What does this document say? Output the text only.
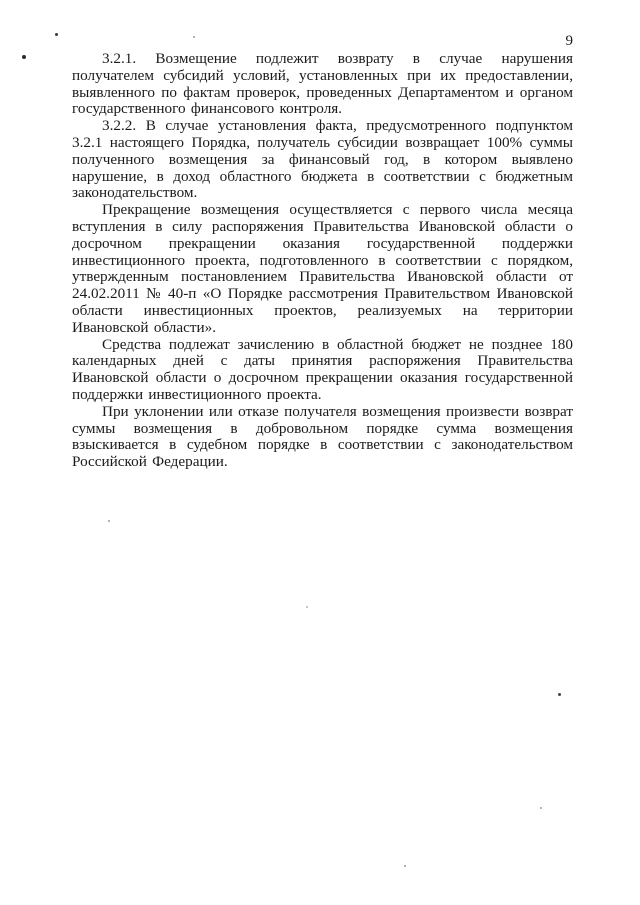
9

3.2.1. Возмещение подлежит возврату в случае нарушения получателем субсидий условий, установленных при их предоставлении, выявленного по фактам проверок, проведенных Департаментом и органом государственного финансового контроля.

3.2.2. В случае установления факта, предусмотренного подпунктом 3.2.1 настоящего Порядка, получатель субсидии возвращает 100% суммы полученного возмещения за финансовый год, в котором выявлено нарушение, в доход областного бюджета в соответствии с бюджетным законодательством.

Прекращение возмещения осуществляется с первого числа месяца вступления в силу распоряжения Правительства Ивановской области о досрочном прекращении оказания государственной поддержки инвестиционного проекта, подготовленного в соответствии с порядком, утвержденным постановлением Правительства Ивановской области от 24.02.2011 № 40-п «О Порядке рассмотрения Правительством Ивановской области инвестиционных проектов, реализуемых на территории Ивановской области».

Средства подлежат зачислению в областной бюджет не позднее 180 календарных дней с даты принятия распоряжения Правительства Ивановской области о досрочном прекращении оказания государственной поддержки инвестиционного проекта.

При уклонении или отказе получателя возмещения произвести возврат суммы возмещения в добровольном порядке сумма возмещения взыскивается в судебном порядке в соответствии с законодательством Российской Федерации.
